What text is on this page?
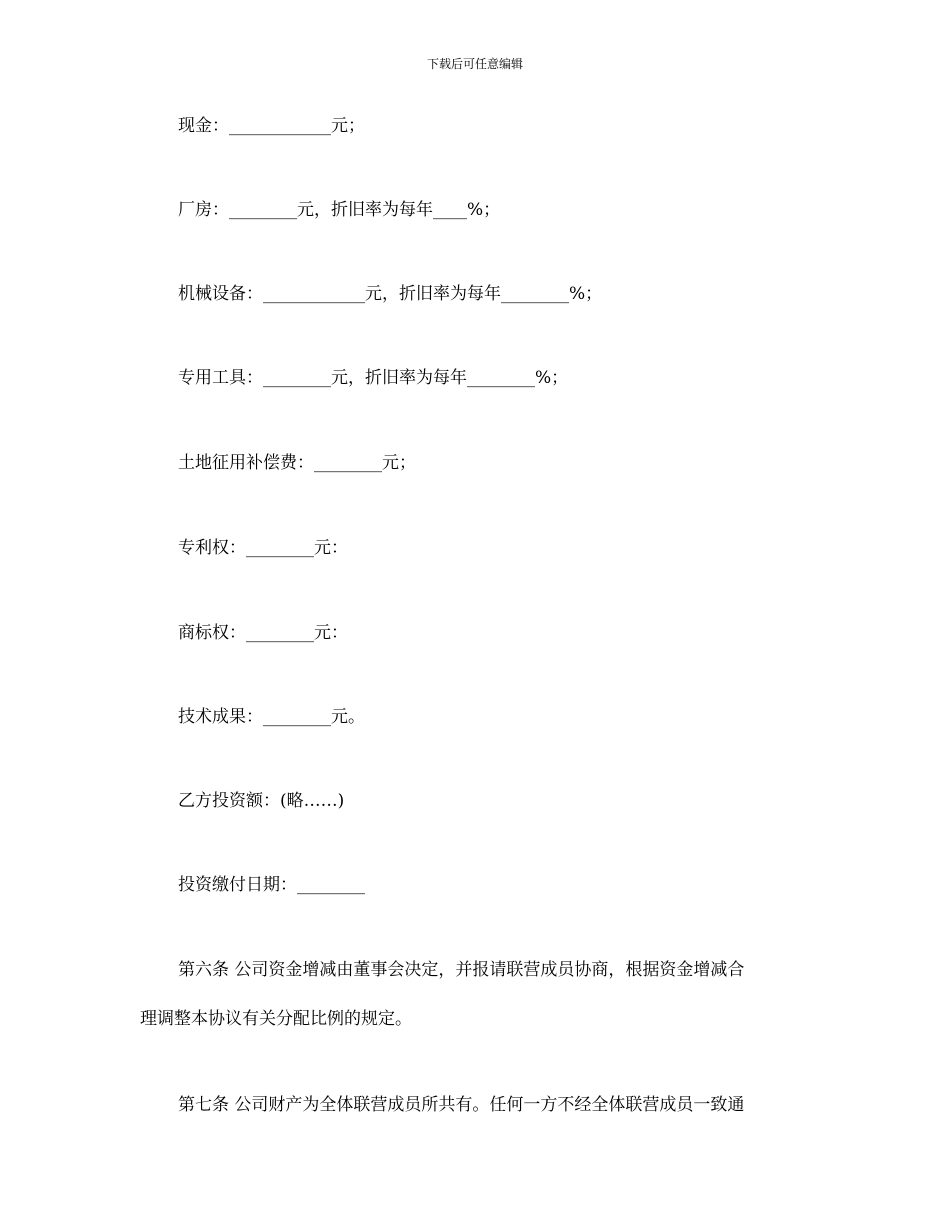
下载后可任意编辑
现金：____________元；
厂房：________元，折旧率为每年____%；
机械设备：____________元，折旧率为每年________%；
专用工具：________元，折旧率为每年________%；
土地征用补偿费：________元；
专利权：________元：
商标权：________元：
技术成果：________元。
乙方投资额：(略……)
投资缴付日期：________
第六条 公司资金增减由董事会决定，并报请联营成员协商，根据资金增减合
理调整本协议有关分配比例的规定。
第七条 公司财产为全体联营成员所共有。任何一方不经全体联营成员一致通
